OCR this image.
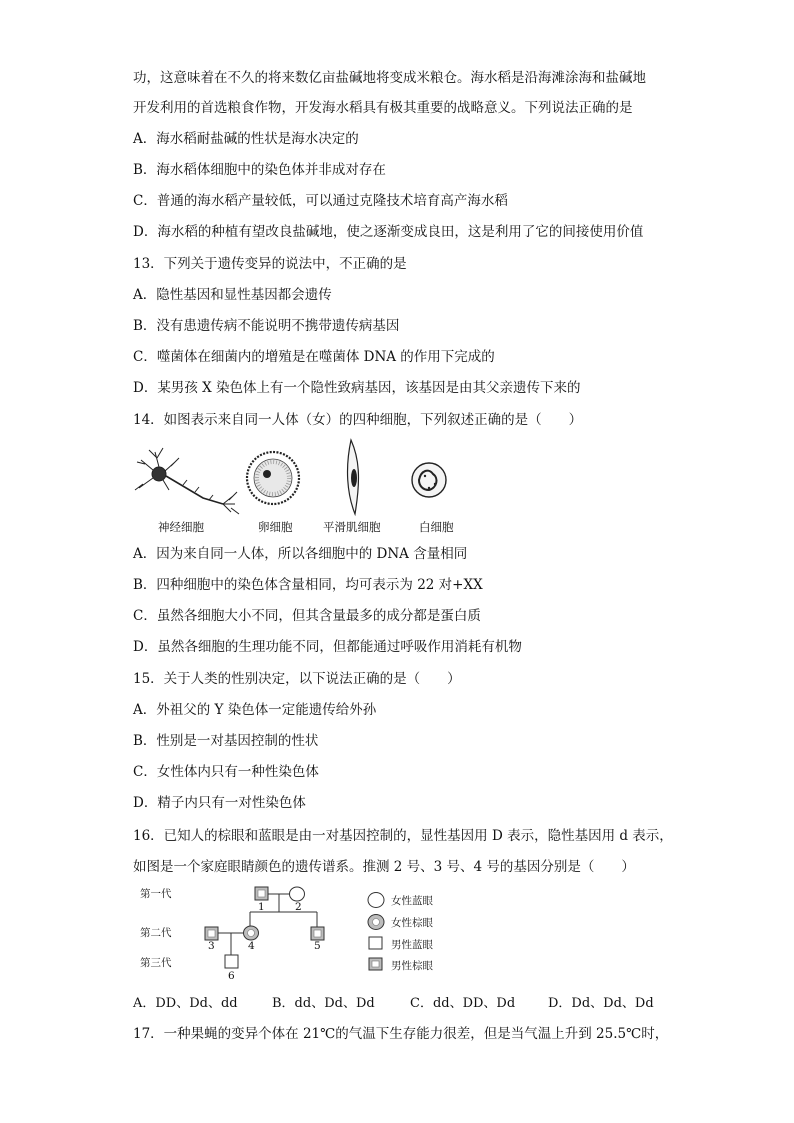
功，这意味着在不久的将来数亿亩盐碱地将变成米粮仓。海水稻是沿海滩涂海和盐碱地
开发利用的首选粮食作物，开发海水稻具有极其重要的战略意义。下列说法正确的是
A．海水稻耐盐碱的性状是海水决定的
B．海水稻体细胞中的染色体并非成对存在
C．普通的海水稻产量较低，可以通过克隆技术培育高产海水稻
D．海水稻的种植有望改良盐碱地，使之逐渐变成良田，这是利用了它的间接使用价值
13．下列关于遗传变异的说法中，不正确的是
A．隐性基因和显性基因都会遗传
B．没有患遗传病不能说明不携带遗传病基因
C．噬菌体在细菌内的增殖是在噬菌体 DNA 的作用下完成的
D．某男孩 X 染色体上有一个隐性致病基因，该基因是由其父亲遗传下来的
14．如图表示来自同一人体（女）的四种细胞，下列叙述正确的是（　　）
神经细胞	卵细胞	平滑肌细胞	白细胞
A．因为来自同一人体，所以各细胞中的 DNA 含量相同
B．四种细胞中的染色体含量相同，均可表示为 22 对+XX
C．虽然各细胞大小不同，但其含量最多的成分都是蛋白质
D．虽然各细胞的生理功能不同，但都能通过呼吸作用消耗有机物
15．关于人类的性别决定，以下说法正确的是（　　）
A．外祖父的 Y 染色体一定能遗传给外孙
B．性别是一对基因控制的性状
C．女性体内只有一种性染色体
D．精子内只有一对性染色体
16．已知人的棕眼和蓝眼是由一对基因控制的，显性基因用 D 表示，隐性基因用 d 表示，
如图是一个家庭眼睛颜色的遗传谱系。推测 2 号、3 号、4 号的基因分别是（　　）
第一代
第二代
第三代
1	2
3	4	5
6
女性蓝眼
女性棕眼
男性蓝眼
男性棕眼
A．DD、Dd、dd	B．dd、Dd、Dd	C．dd、DD、Dd	D．Dd、Dd、Dd
17．一种果蝇的变异个体在 21℃的气温下生存能力很差，但是当气温上升到 25.5℃时，
